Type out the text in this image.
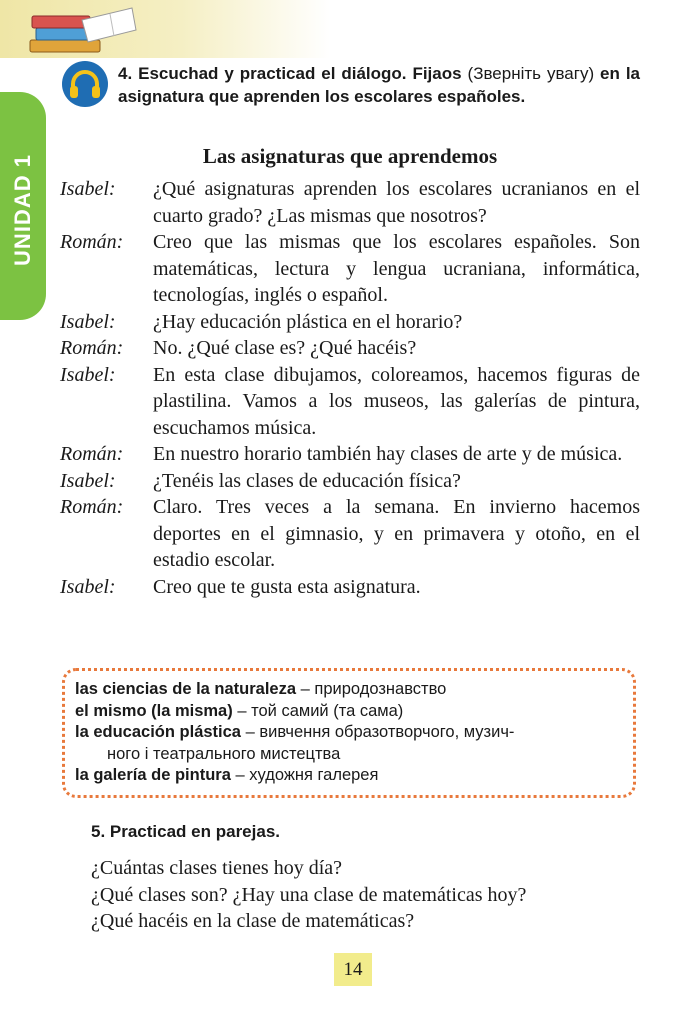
UNIDAD 1
4. Escuchad y practicad el diálogo. Fijaos (Зверніть увагу) en la asignatura que aprenden los escolares españoles.
Las asignaturas que aprendemos
Isabel:	¿Qué asignaturas aprenden los escolares ucranianos en el cuarto grado? ¿Las mismas que nosotros?
Román:	Creo que las mismas que los escolares españoles. Son matemáticas, lectura y lengua ucraniana, informática, tecnologías, inglés o español.
Isabel:	¿Hay educación plástica en el horario?
Román:	No. ¿Qué clase es? ¿Qué hacéis?
Isabel:	En esta clase dibujamos, coloreamos, hacemos figuras de plastilina. Vamos a los museos, las galerías de pintura, escuchamos música.
Román:	En nuestro horario también hay clases de arte y de música.
Isabel:	¿Tenéis las clases de educación física?
Román:	Claro. Tres veces a la semana. En invierno hacemos deportes en el gimnasio, y en primavera y otoño, en el estadio escolar.
Isabel:	Creo que te gusta esta asignatura.
las ciencias de la naturaleza – природознавство
el mismo (la misma) – той самий (та сама)
la educación plástica – вивчення образотворчого, музич-
ного і театрального мистецтва
la galería de pintura – художня галерея
5. Practicad en parejas.
¿Cuántas clases tienes hoy día?
¿Qué clases son? ¿Hay una clase de matemáticas hoy?
¿Qué hacéis en la clase de matemáticas?
14
